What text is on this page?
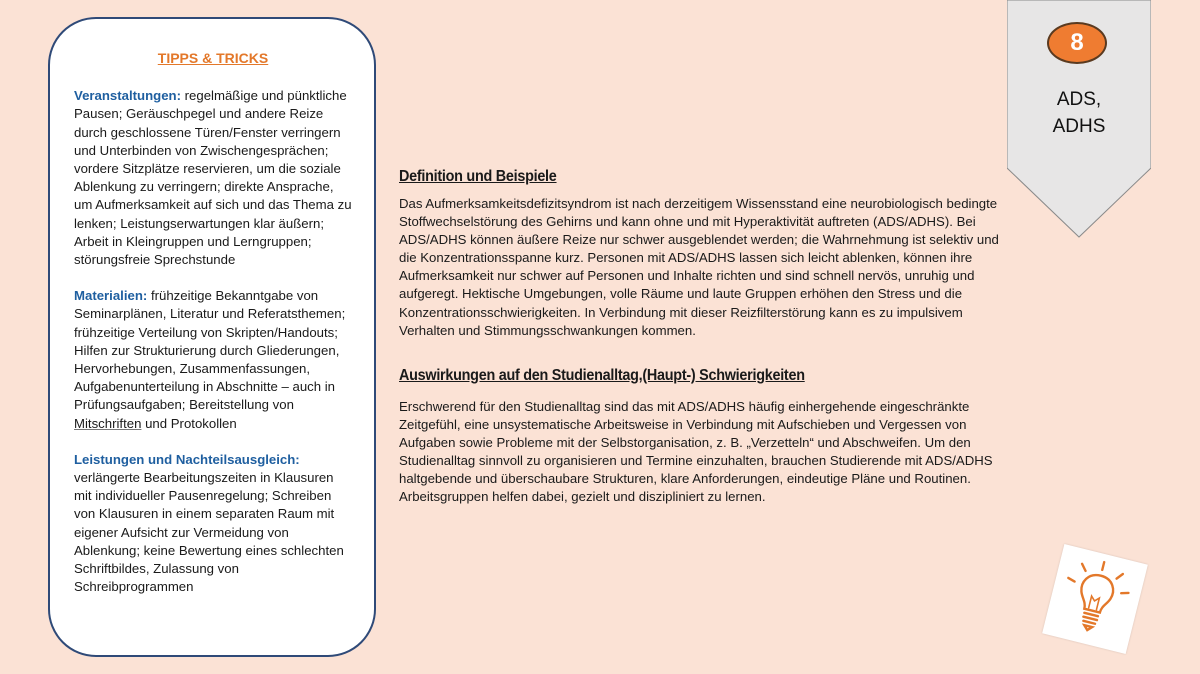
TIPPS & TRICKS

Veranstaltungen: regelmäßige und pünktliche Pausen; Geräuschpegel und andere Reize durch geschlossene Türen/Fenster verringern und Unterbinden von Zwischengesprächen; vordere Sitzplätze reservieren, um die soziale Ablenkung zu verringern; direkte Ansprache, um Aufmerksamkeit auf sich und das Thema zu lenken; Leistungserwartungen klar äußern; Arbeit in Kleingruppen und Lerngruppen; störungsfreie Sprechstunde

Materialien: frühzeitige Bekanntgabe von Seminarplänen, Literatur und Referatsthemen; frühzeitige Verteilung von Skripten/Handouts; Hilfen zur Strukturierung durch Gliederungen, Hervorhebungen, Zusammenfassungen, Aufgabenunterteilung in Abschnitte – auch in Prüfungsaufgaben; Bereitstellung von Mitschriften und Protokollen

Leistungen und Nachteilsausgleich: verlängerte Bearbeitungszeiten in Klausuren mit individueller Pausenregelung; Schreiben von Klausuren in einem separaten Raum mit eigener Aufsicht zur Vermeidung von Ablenkung; keine Bewertung eines schlechten Schriftbildes, Zulassung von Schreibprogrammen

8
ADS,
ADHS

Definition und Beispiele

Das Aufmerksamkeitsdefizitsyndrom ist nach derzeitigem Wissensstand eine neurobiologisch bedingte Stoffwechselstörung des Gehirns und kann ohne und mit Hyperaktivität auftreten (ADS/ADHS). Bei ADS/ADHS können äußere Reize nur schwer ausgeblendet werden; die Wahrnehmung ist selektiv und die Konzentrationsspanne kurz. Personen mit ADS/ADHS lassen sich leicht ablenken, können ihre Aufmerksamkeit nur schwer auf Personen und Inhalte richten und sind schnell nervös, unruhig und aufgeregt. Hektische Umgebungen, volle Räume und laute Gruppen erhöhen den Stress und die Konzentrationsschwierigkeiten. In Verbindung mit dieser Reizfilterstörung kann es zu impulsivem Verhalten und Stimmungsschwankungen kommen.

Auswirkungen auf den Studienalltag,(Haupt-) Schwierigkeiten

Erschwerend für den Studienalltag sind das mit ADS/ADHS häufig einhergehende eingeschränkte Zeitgefühl, eine unsystematische Arbeitsweise in Verbindung mit Aufschieben und Vergessen von Aufgaben sowie Probleme mit der Selbstorganisation, z. B. „Verzetteln“ und Abschweifen. Um den Studienalltag sinnvoll zu organisieren und Termine einzuhalten, brauchen Studierende mit ADS/ADHS haltgebende und überschaubare Strukturen, klare Anforderungen, eindeutige Pläne und Routinen. Arbeitsgruppen helfen dabei, gezielt und diszipliniert zu lernen.
